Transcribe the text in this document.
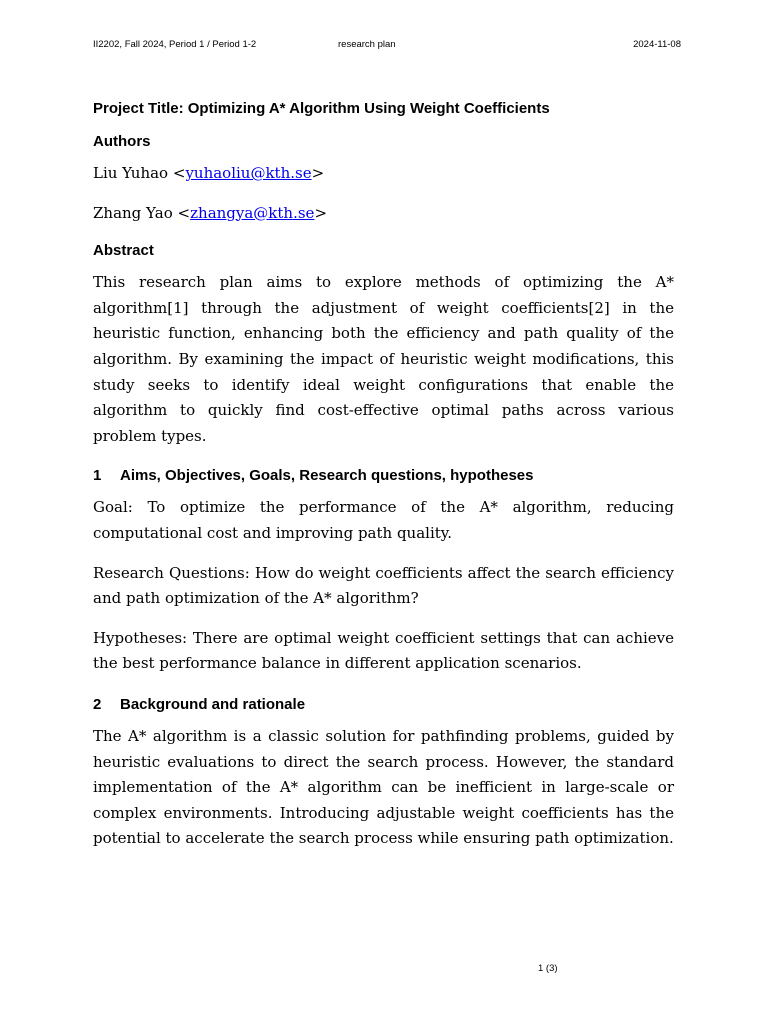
II2202, Fall 2024, Period 1 / Period 1-2	research plan	2024-11-08

Project Title: Optimizing A* Algorithm Using Weight Coefficients

Authors

Liu Yuhao <yuhaoliu@kth.se>

Zhang Yao <zhangya@kth.se>

Abstract

This research plan aims to explore methods of optimizing the A* algorithm[1] through the adjustment of weight coefficients[2] in the heuristic function, enhancing both the efficiency and path quality of the algorithm. By examining the impact of heuristic weight modifications, this study seeks to identify ideal weight configurations that enable the algorithm to quickly find cost-effective optimal paths across various problem types.

1 Aims, Objectives, Goals, Research questions, hypotheses

Goal: To optimize the performance of the A* algorithm, reducing computational cost and improving path quality.

Research Questions: How do weight coefficients affect the search efficiency and path optimization of the A* algorithm?

Hypotheses: There are optimal weight coefficient settings that can achieve the best performance balance in different application scenarios.

2 Background and rationale

The A* algorithm is a classic solution for pathfinding problems, guided by heuristic evaluations to direct the search process. However, the standard implementation of the A* algorithm can be inefficient in large-scale or complex environments. Introducing adjustable weight coefficients has the potential to accelerate the search process while ensuring path optimization.

1 (3)
